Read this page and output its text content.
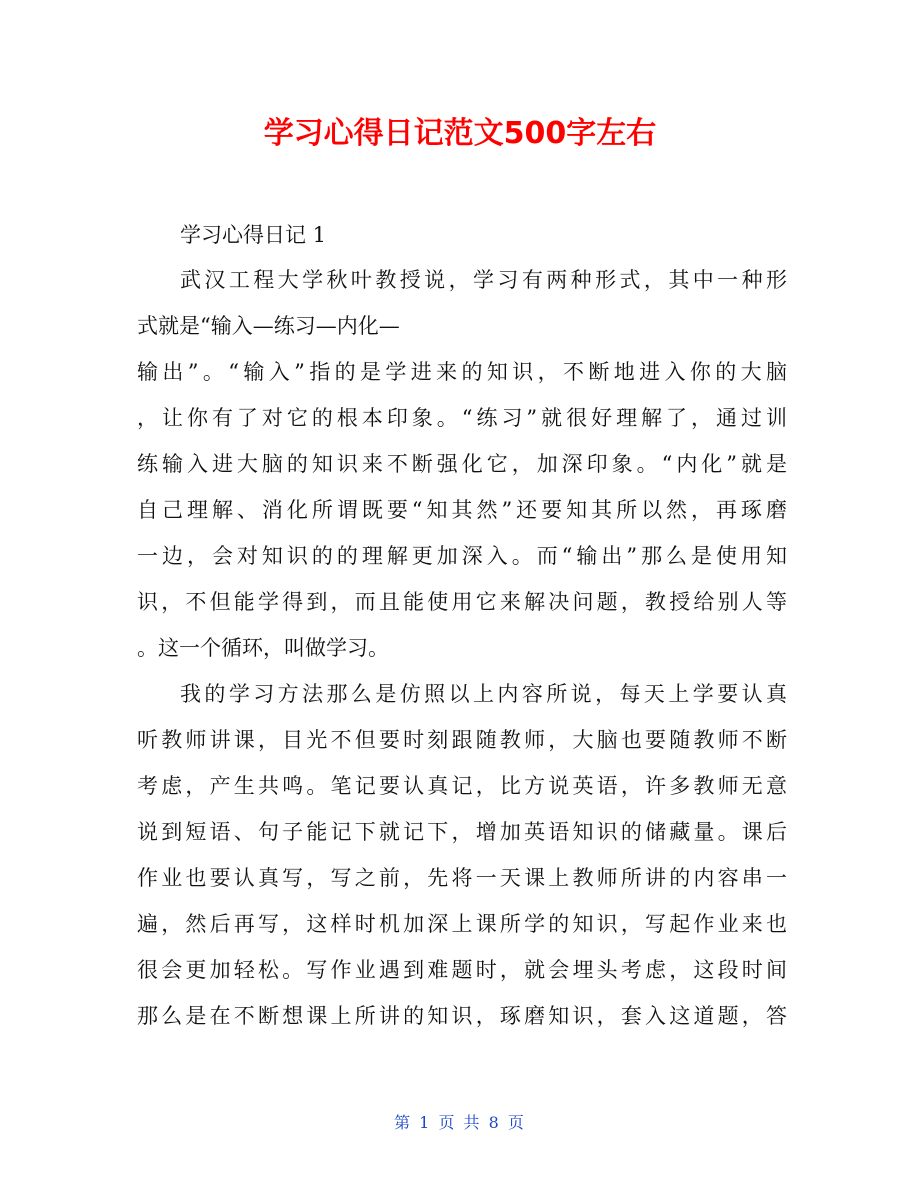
学习心得日记范文500字左右
学习心得日记 1
武汉工程大学秋叶教授说，学习有两种形式，其中一种形
式就是“输入—练习—内化—
输出”。“输入”指的是学进来的知识，不断地进入你的大脑
，让你有了对它的根本印象。“练习”就很好理解了，通过训
练输入进大脑的知识来不断强化它，加深印象。“内化”就是
自己理解、消化所谓既要“知其然”还要知其所以然，再琢磨
一边，会对知识的的理解更加深入。而“输出”那么是使用知
识，不但能学得到，而且能使用它来解决问题，教授给别人等
。这一个循环，叫做学习。
我的学习方法那么是仿照以上内容所说，每天上学要认真
听教师讲课，目光不但要时刻跟随教师，大脑也要随教师不断
考虑，产生共鸣。笔记要认真记，比方说英语，许多教师无意
说到短语、句子能记下就记下，增加英语知识的储藏量。课后
作业也要认真写，写之前，先将一天课上教师所讲的内容串一
遍，然后再写，这样时机加深上课所学的知识，写起作业来也
很会更加轻松。写作业遇到难题时，就会埋头考虑，这段时间
那么是在不断想课上所讲的知识，琢磨知识，套入这道题，答
第 1 页 共 8 页
